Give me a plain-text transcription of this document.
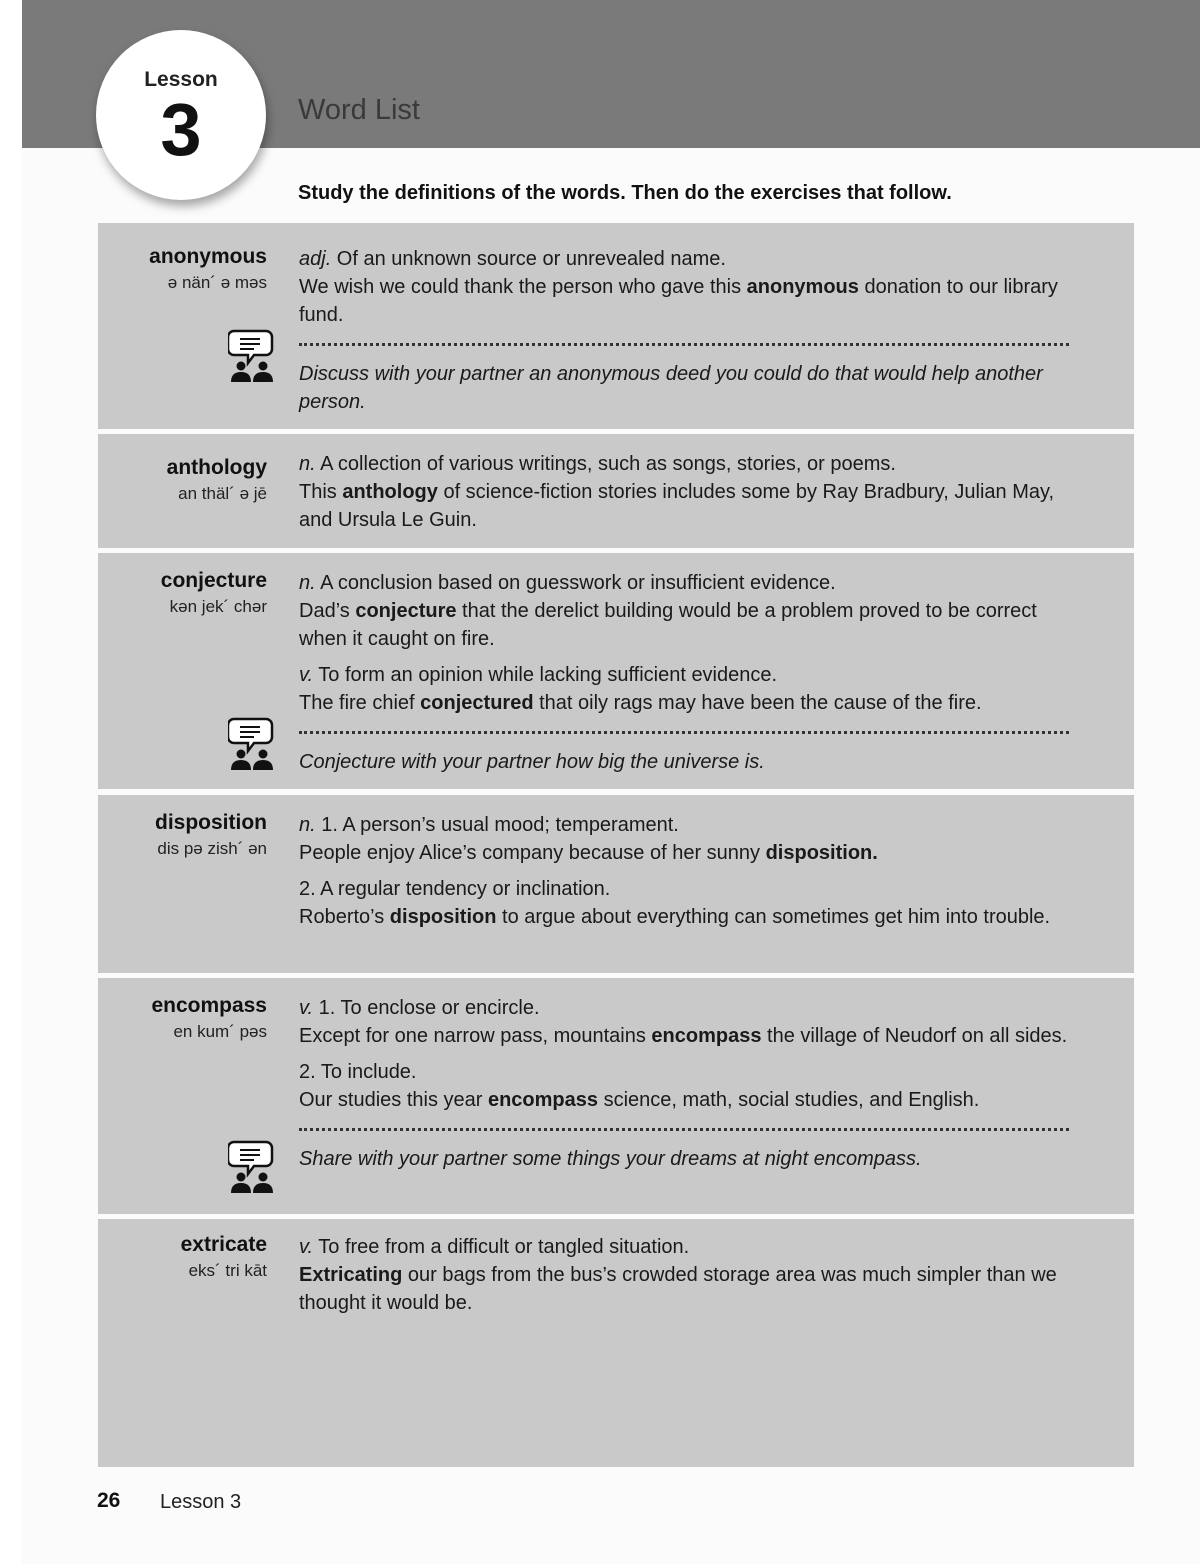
Lesson
3	Word List
Study the definitions of the words. Then do the exercises that follow.
anonymous
ə nän´ ə məs

adj. Of an unknown source or unrevealed name.

We wish we could thank the person who gave this anonymous donation to our library fund.

Discuss with your partner an anonymous deed you could do that would help another person.

anthology
an thäl´ ə jē

n. A collection of various writings, such as songs, stories, or poems.

This anthology of science-fiction stories includes some by Ray Bradbury, Julian May, and Ursula Le Guin.

conjecture
kən jek´ chər

n. A conclusion based on guesswork or insufficient evidence.

Dad’s conjecture that the derelict building would be a problem proved to be correct when it caught on fire.

v. To form an opinion while lacking sufficient evidence.

The fire chief conjectured that oily rags may have been the cause of the fire.

Conjecture with your partner how big the universe is.

disposition
dis pə zish´ ən

n. 1. A person’s usual mood; temperament.

People enjoy Alice’s company because of her sunny disposition.

2. A regular tendency or inclination.

Roberto’s disposition to argue about everything can sometimes get him into trouble.

encompass
en kum´ pəs

v. 1. To enclose or encircle.

Except for one narrow pass, mountains encompass the village of Neudorf on all sides.

2. To include.

Our studies this year encompass science, math, social studies, and English.

Share with your partner some things your dreams at night encompass.

extricate
eks´ tri kāt

v. To free from a difficult or tangled situation.

Extricating our bags from the bus’s crowded storage area was much simpler than we thought it would be.

26 Lesson 3
